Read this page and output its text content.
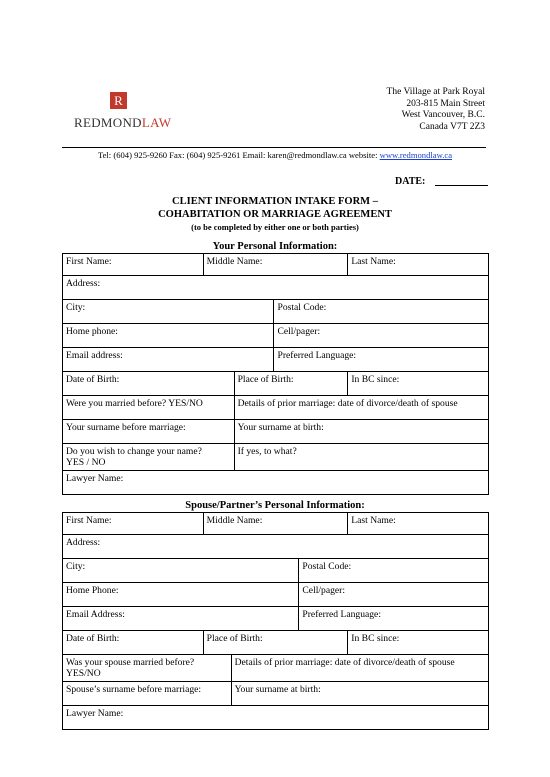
R
REDMONDLAW
The Village at Park Royal
203-815 Main Street
West Vancouver, B.C.
Canada V7T 2Z3
Tel: (604) 925-9260 Fax: (604) 925-9261 Email: karen@redmondlaw.ca website: www.redmondlaw.ca
DATE:
CLIENT INFORMATION INTAKE FORM –
COHABITATION OR MARRIAGE AGREEMENT
(to be completed by either one or both parties)
Your Personal Information:
First Name:	Middle Name:			Last Name:
Address:				
City:			Postal Code:	
Home phone:			Cell/pager:	
Email address:			Preferred Language:	
Date of Birth:		Place of Birth:		In BC since:
Were you married before? YES/NO		Details of prior marriage: date of divorce/death of spouse		
Your surname before marriage:		Your surname at birth:		

Do you wish to change your name?
YES / NO		If yes, to what?		
Lawyer Name:				
Spouse/Partner’s Personal Information:
First Name:	Middle Name:			Last Name:
Address:				
City:			Postal Code:	
Home Phone:			Cell/pager:	
Email Address:			Preferred Language:	
Date of Birth:	Place of Birth:			In BC since:

Was your spouse married before?
YES/NO		Details of prior marriage: date of divorce/death of spouse		
Spouse’s surname before marriage:		Your surname at birth:		
Lawyer Name:				
